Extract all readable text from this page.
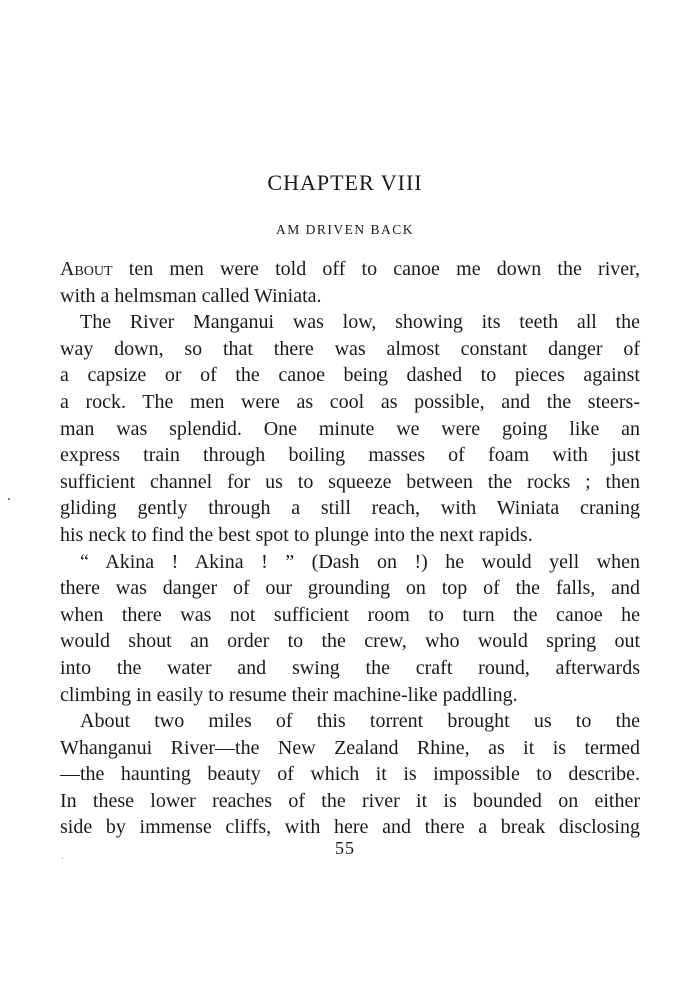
CHAPTER VIII
AM DRIVEN BACK
About ten men were told off to canoe me down the river,
with a helmsman called Winiata.
The River Manganui was low, showing its teeth all the
way down, so that there was almost constant danger of
a capsize or of the canoe being dashed to pieces against
a rock. The men were as cool as possible, and the steers-
man was splendid. One minute we were going like an
express train through boiling masses of foam with just
sufficient channel for us to squeeze between the rocks ; then
gliding gently through a still reach, with Winiata craning
his neck to find the best spot to plunge into the next rapids.
“ Akina ! Akina ! ” (Dash on !) he would yell when
there was danger of our grounding on top of the falls, and
when there was not sufficient room to turn the canoe he
would shout an order to the crew, who would spring out
into the water and swing the craft round, afterwards
climbing in easily to resume their machine-like paddling.
About two miles of this torrent brought us to the
Whanganui River—the New Zealand Rhine, as it is termed
—the haunting beauty of which it is impossible to describe.
In these lower reaches of the river it is bounded on either
side by immense cliffs, with here and there a break disclosing
55
